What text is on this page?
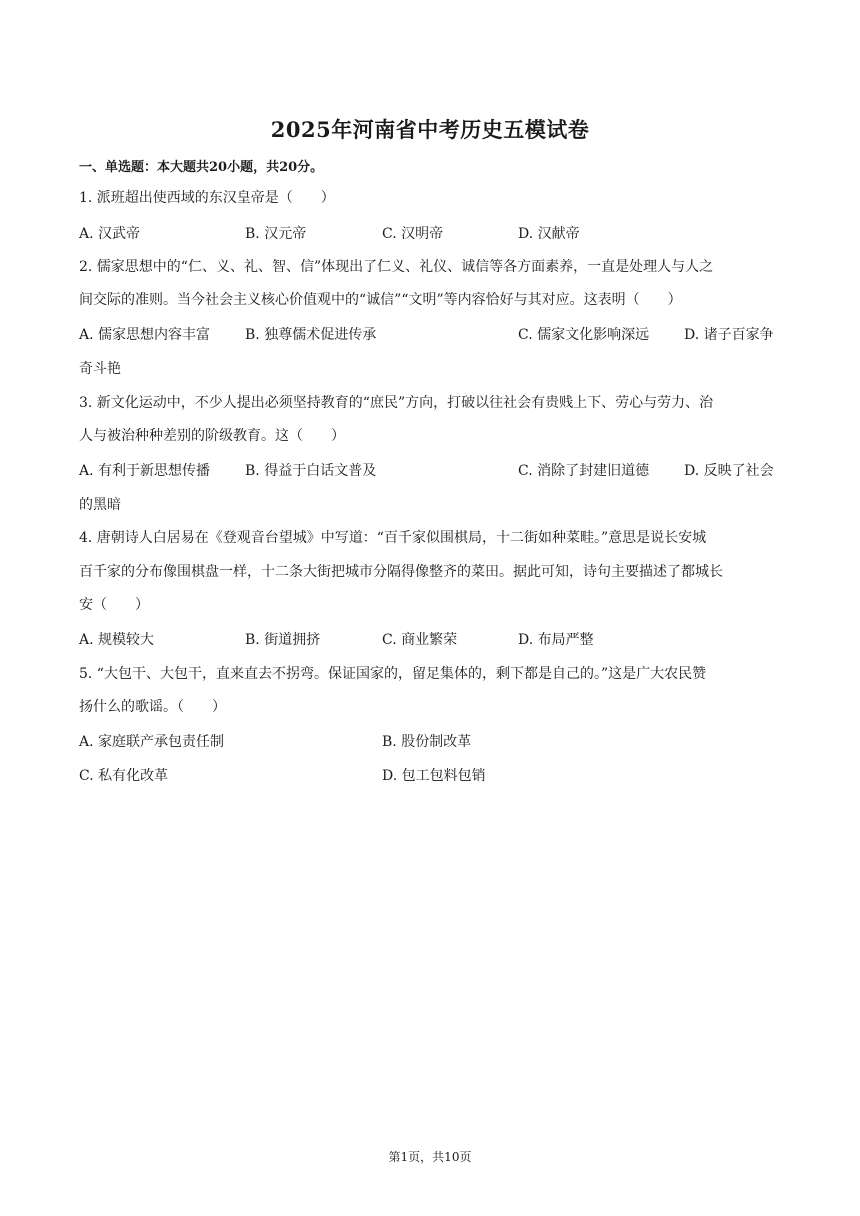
2025年河南省中考历史五模试卷
一、单选题：本大题共20小题，共20分。
1. 派班超出使西域的东汉皇帝是（　　）
A. 汉武帝	B. 汉元帝	C. 汉明帝	D. 汉献帝
2. 儒家思想中的“仁、义、礼、智、信”体现出了仁义、礼仪、诚信等各方面素养，一直是处理人与人之
间交际的准则。当今社会主义核心价值观中的“诚信”“文明”等内容恰好与其对应。这表明（　　）
A. 儒家思想内容丰富 B. 独尊儒术促进传承	C. 儒家文化影响深远 D. 诸子百家争
奇斗艳
3. 新文化运动中，不少人提出必须坚持教育的“庶民”方向，打破以往社会有贵贱上下、劳心与劳力、治
人与被治种种差别的阶级教育。这（　　）
A. 有利于新思想传播 B. 得益于白话文普及	C. 消除了封建旧道德 D. 反映了社会
的黑暗
4. 唐朝诗人白居易在《登观音台望城》中写道：“百千家似围棋局，十二街如种菜畦。”意思是说长安城
百千家的分布像围棋盘一样，十二条大街把城市分隔得像整齐的菜田。据此可知，诗句主要描述了都城长
安（　　）
A. 规模较大	B. 街道拥挤	C. 商业繁荣	D. 布局严整
5. “大包干、大包干，直来直去不拐弯。保证国家的，留足集体的，剩下都是自己的。”这是广大农民赞
扬什么的歌谣。（　　）
A. 家庭联产承包责任制	B. 股份制改革
C. 私有化改革	D. 包工包料包销
第1页，共10页
